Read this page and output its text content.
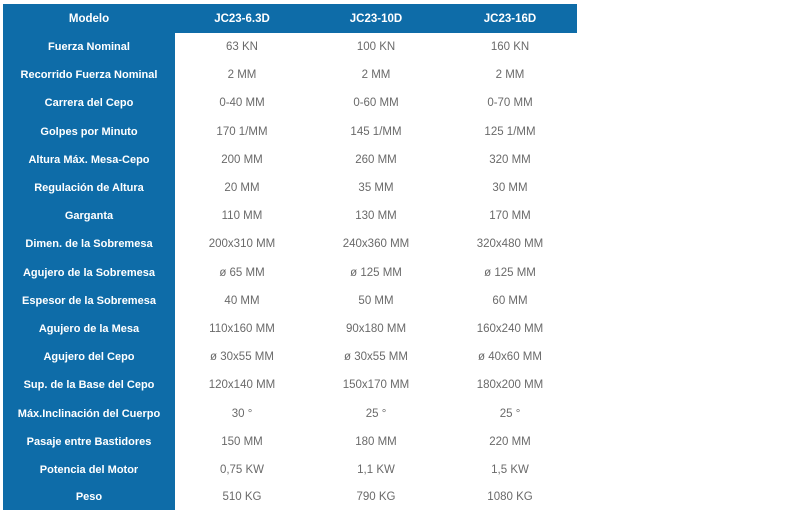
Modelo	JC23-6.3D	JC23-10D	JC23-16D
Fuerza Nominal	63 KN	100 KN	160 KN
Recorrido Fuerza Nominal	2 MM	2 MM	2 MM
Carrera del Cepo	0-40 MM	0-60 MM	0-70 MM
Golpes por Minuto	170 1/MM	145 1/MM	125 1/MM
Altura Máx. Mesa-Cepo	200 MM	260 MM	320 MM
Regulación de Altura	20 MM	35 MM	30 MM
Garganta	110 MM	130 MM	170 MM
Dimen. de la Sobremesa	200x310 MM	240x360 MM	320x480 MM
Agujero de la Sobremesa	ø 65 MM	ø 125 MM	ø 125 MM
Espesor de la Sobremesa	40 MM	50 MM	60 MM
Agujero de la Mesa	110x160 MM	90x180 MM	160x240 MM
Agujero del Cepo	ø 30x55 MM	ø 30x55 MM	ø 40x60 MM
Sup. de la Base del Cepo	120x140 MM	150x170 MM	180x200 MM
Máx.Inclinación del Cuerpo	30 °	25 °	25 °
Pasaje entre Bastidores	150 MM	180 MM	220 MM
Potencia del Motor	0,75 KW	1,1 KW	1,5 KW
Peso	510 KG	790 KG	1080 KG
